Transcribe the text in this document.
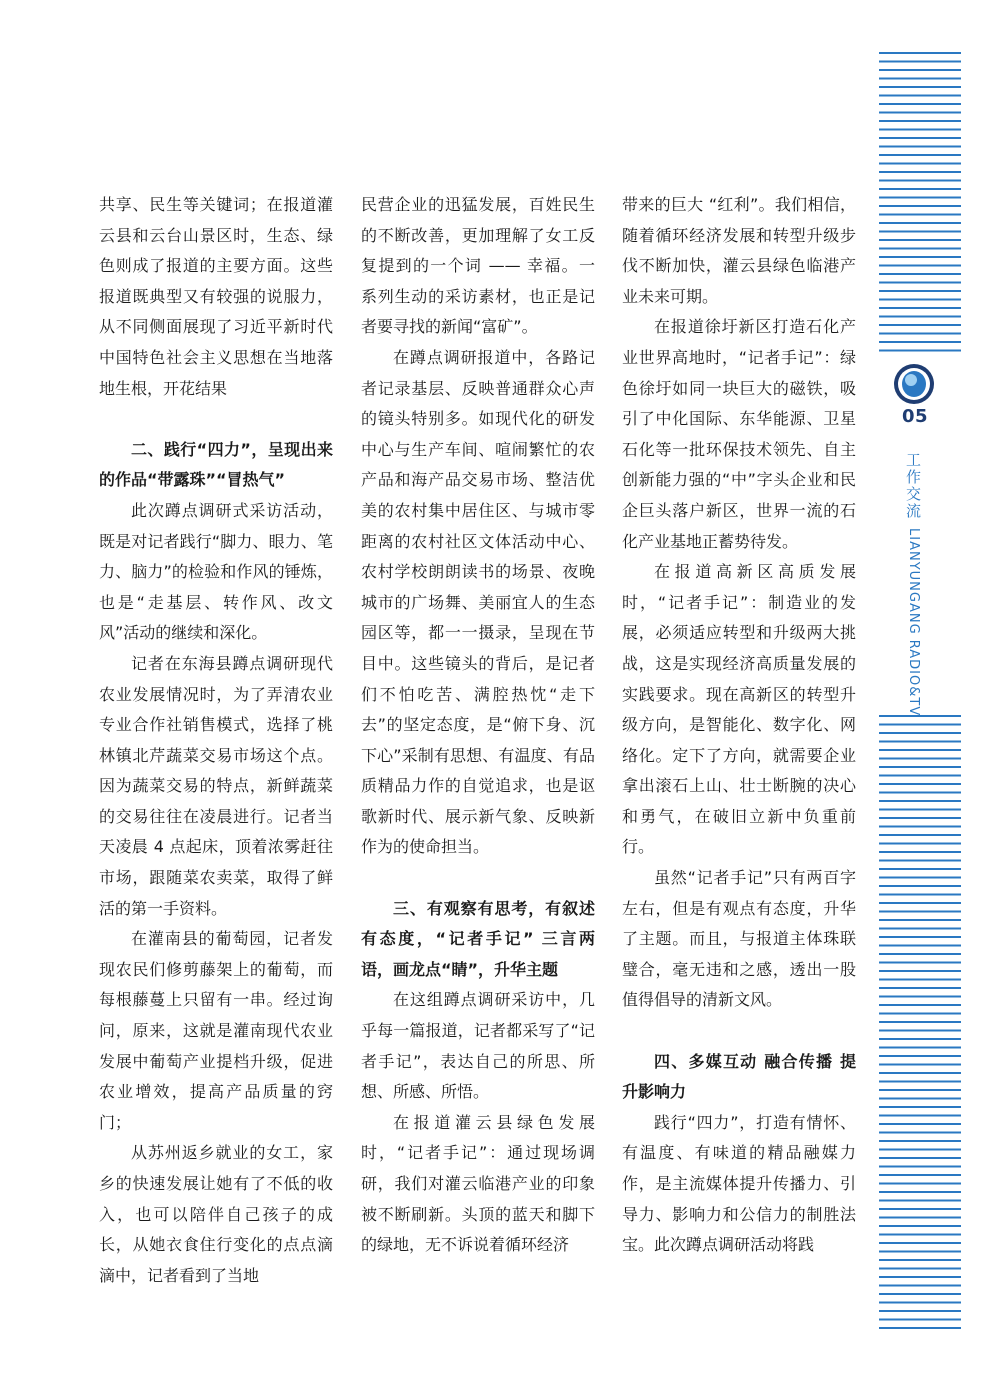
05
工作交流LIANYUNGANG RADIO&TV

共享、民生等关键词；在报道灌云县和云台山景区时，生态、绿色则成了报道的主要方面。这些报道既典型又有较强的说服力，从不同侧面展现了习近平新时代中国特色社会主义思想在当地落地生根，开花结果

二、践行“四力”，呈现出来的作品“带露珠”“冒热气”

此次蹲点调研式采访活动，既是对记者践行“脚力、眼力、笔力、脑力”的检验和作风的锤炼，也是“走基层、转作风、改文风”活动的继续和深化。

记者在东海县蹲点调研现代农业发展情况时，为了弄清农业专业合作社销售模式，选择了桃林镇北芹蔬菜交易市场这个点。因为蔬菜交易的特点，新鲜蔬菜的交易往往在凌晨进行。记者当天凌晨 4 点起床，顶着浓雾赶往市场，跟随菜农卖菜，取得了鲜活的第一手资料。

在灌南县的葡萄园，记者发现农民们修剪藤架上的葡萄，而每根藤蔓上只留有一串。经过询问，原来，这就是灌南现代农业发展中葡萄产业提档升级，促进农业增效，提高产品质量的窍门；

从苏州返乡就业的女工，家乡的快速发展让她有了不低的收入，也可以陪伴自己孩子的成长，从她衣食住行变化的点点滴滴中，记者看到了当地

民营企业的迅猛发展，百姓民生的不断改善，更加理解了女工反复提到的一个词 —— 幸福。一系列生动的采访素材，也正是记者要寻找的新闻“富矿”。

在蹲点调研报道中，各路记者记录基层、反映普通群众心声的镜头特别多。如现代化的研发中心与生产车间、喧闹繁忙的农产品和海产品交易市场、整洁优美的农村集中居住区、与城市零距离的农村社区文体活动中心、农村学校朗朗读书的场景、夜晚城市的广场舞、美丽宜人的生态园区等，都一一摄录，呈现在节目中。这些镜头的背后，是记者们不怕吃苦、满腔热忱“走下去”的坚定态度，是“俯下身、沉下心”采制有思想、有温度、有品质精品力作的自觉追求，也是讴歌新时代、展示新气象、反映新作为的使命担当。

三、有观察有思考，有叙述有态度，“记者手记” 三言两语，画龙点“睛”，升华主题

在这组蹲点调研采访中，几乎每一篇报道，记者都采写了“记者手记”，表达自己的所思、所想、所感、所悟。

在报道灌云县绿色发展时，“记者手记”：通过现场调研，我们对灌云临港产业的印象被不断刷新。头顶的蓝天和脚下的绿地，无不诉说着循环经济

带来的巨大 “红利”。我们相信，随着循环经济发展和转型升级步伐不断加快，灌云县绿色临港产业未来可期。

在报道徐圩新区打造石化产业世界高地时，“记者手记”：绿色徐圩如同一块巨大的磁铁，吸引了中化国际、东华能源、卫星石化等一批环保技术领先、自主创新能力强的“中”字头企业和民企巨头落户新区，世界一流的石化产业基地正蓄势待发。

在报道高新区高质发展时，“记者手记”：制造业的发展，必须适应转型和升级两大挑战，这是实现经济高质量发展的实践要求。现在高新区的转型升级方向，是智能化、数字化、网络化。定下了方向，就需要企业拿出滚石上山、壮士断腕的决心和勇气，在破旧立新中负重前行。

虽然“记者手记”只有两百字左右，但是有观点有态度，升华了主题。而且，与报道主体珠联璧合，毫无违和之感，透出一股值得倡导的清新文风。

四、多媒互动 融合传播 提升影响力

践行“四力”，打造有情怀、有温度、有味道的精品融媒力作，是主流媒体提升传播力、引导力、影响力和公信力的制胜法宝。此次蹲点调研活动将践
